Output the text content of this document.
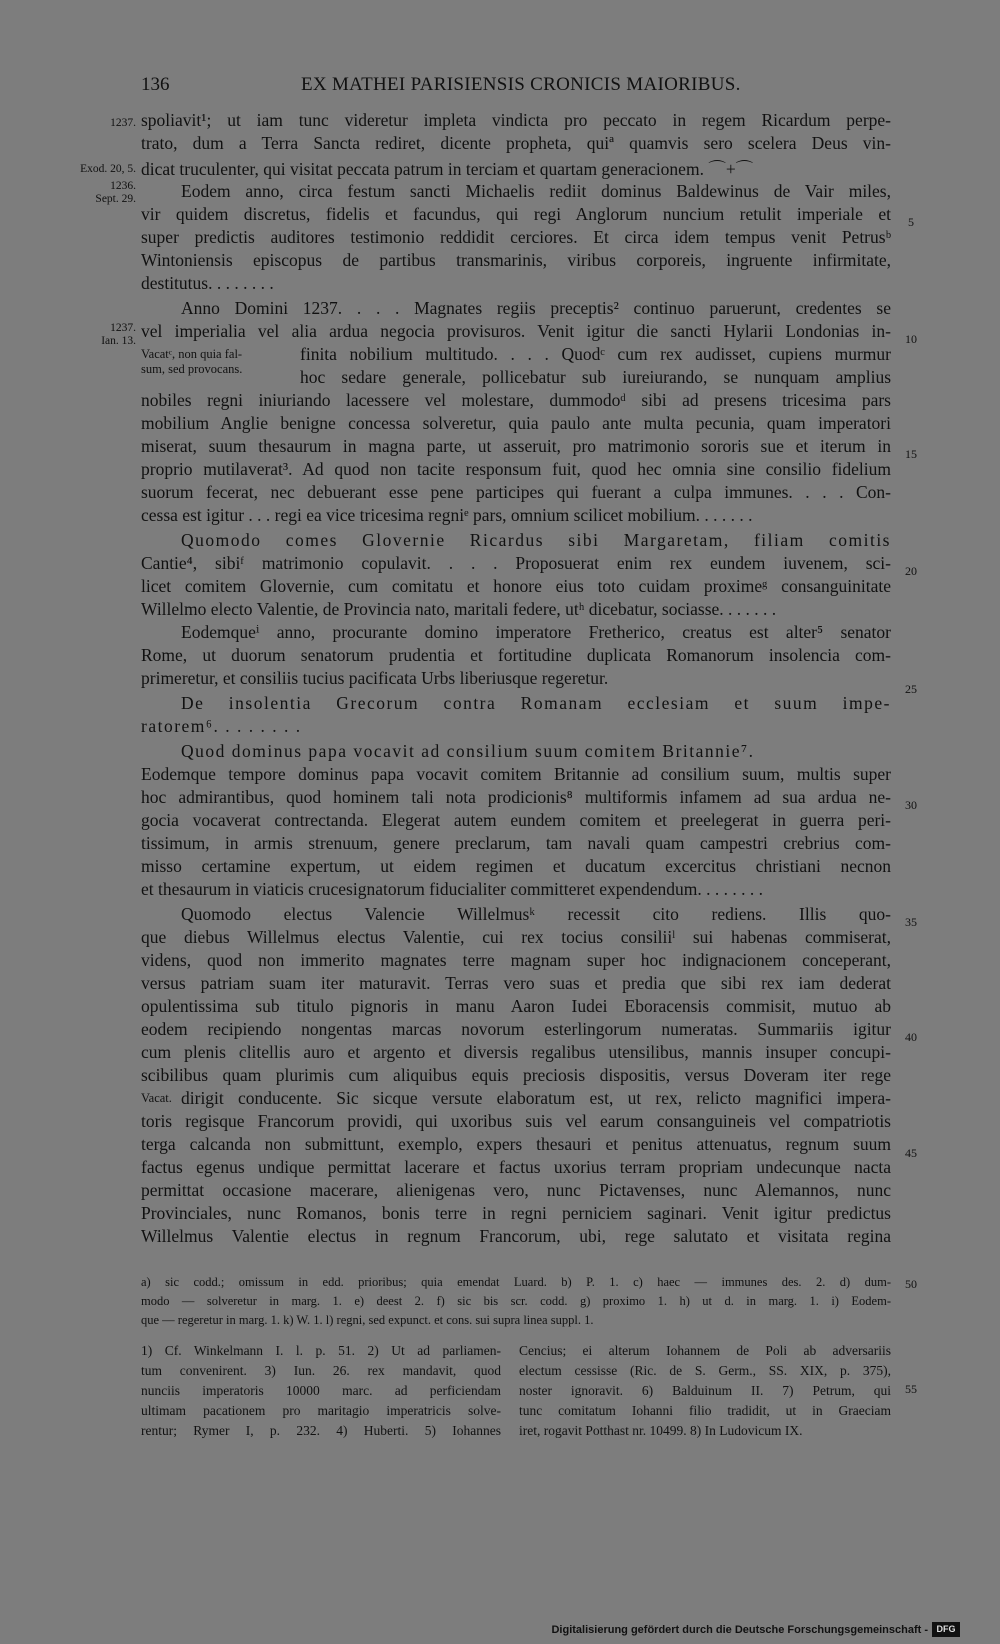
136	EX MATHEI PARISIENSIS CRONICIS MAIORIBUS.
spoliavit¹; ut iam tunc videretur impleta vindicta pro peccato in regem Ricardum perpe-
trato, dum a Terra Sancta rediret, dicente propheta, quiª quamvis sero scelera Deus vin-
dicat truculenter, qui visitat peccata patrum in terciam et quartam generacionem. ⌒+⌒
Eodem anno, circa festum sancti Michaelis rediit dominus Baldewinus de Vair miles,
vir quidem discretus, fidelis et facundus, qui regi Anglorum nuncium retulit imperiale et
super predictis auditores testimonio reddidit cerciores. Et circa idem tempus venit Petrusᵇ
Wintoniensis episcopus de partibus transmarinis, viribus corporeis, ingruente infirmitate,
destitutus. . . . . . . .
Anno Domini 1237. . . . Magnates regiis preceptis² continuo paruerunt, credentes se
vel imperialia vel alia ardua negocia provisuros. Venit igitur die sancti Hylarii Londonias in-
finita nobilium multitudo. . . . Quodᶜ cum rex audisset, cupiens murmur
hoc sedare generale, pollicebatur sub iureiurando, se nunquam amplius
nobiles regni iniuriando lacessere vel molestare, dummodoᵈ sibi ad presens tricesima pars
mobilium Anglie benigne concessa solveretur, quia paulo ante multa pecunia, quam imperatori
miserat, suum thesaurum in magna parte, ut asseruit, pro matrimonio sororis sue et iterum in
proprio mutilaverat³. Ad quod non tacite responsum fuit, quod hec omnia sine consilio fidelium
suorum fecerat, nec debuerant esse pene participes qui fuerant a culpa immunes. . . . Con-
cessa est igitur . . . regi ea vice tricesima regniᵉ pars, omnium scilicet mobilium. . . . . . .
Quomodo comes Glovernie Ricardus sibi Margaretam, filiam comitis
Cantie⁴, sibiᶠ matrimonio copulavit. . . . Proposuerat enim rex eundem iuvenem, sci-
licet comitem Glovernie, cum comitatu et honore eius toto cuidam proximeᵍ consanguinitate
Willelmo electo Valentie, de Provincia nato, maritali federe, utʰ dicebatur, sociasse. . . . . . .
Eodemqueⁱ anno, procurante domino imperatore Fretherico, creatus est alter⁵ senator
Rome, ut duorum senatorum prudentia et fortitudine duplicata Romanorum insolencia com-
primeretur, et consiliis tucius pacificata Urbs liberiusque regeretur.
De insolentia Grecorum contra Romanam ecclesiam et suum impe-
ratorem⁶. . . . . . . .
Quod dominus papa vocavit ad consilium suum comitem Britannie⁷.
Eodemque tempore dominus papa vocavit comitem Britannie ad consilium suum, multis super
hoc admirantibus, quod hominem tali nota prodicionis⁸ multiformis infamem ad sua ardua ne-
gocia vocaverat contrectanda. Elegerat autem eundem comitem et preelegerat in guerra peri-
tissimum, in armis strenuum, genere preclarum, tam navali quam campestri crebrius com-
misso certamine expertum, ut eidem regimen et ducatum excercitus christiani necnon
et thesaurum in viaticis crucesignatorum fiducialiter committeret expendendum. . . . . . . .
Quomodo electus Valencie Willelmusᵏ recessit cito rediens. Illis quo-
que diebus Willelmus electus Valentie, cui rex tocius consiliiˡ sui habenas commiserat,
videns, quod non immerito magnates terre magnam super hoc indignacionem conceperant,
versus patriam suam iter maturavit. Terras vero suas et predia que sibi rex iam dederat
opulentissima sub titulo pignoris in manu Aaron Iudei Eboracensis commisit, mutuo ab
eodem recipiendo nongentas marcas novorum esterlingorum numeratas. Summariis igitur
cum plenis clitellis auro et argento et diversis regalibus utensilibus, mannis insuper concupi-
scibilibus quam plurimis cum aliquibus equis preciosis dispositis, versus Doveram iter rege
dirigit conducente. Sic sicque versute elaboratum est, ut rex, relicto magnifici impera-
toris regisque Francorum providi, qui uxoribus suis vel earum consanguineis vel compatriotis
terga calcanda non submittunt, exemplo, expers thesauri et penitus attenuatus, regnum suum
factus egenus undique permittat lacerare et factus uxorius terram propriam undecunque nacta
permittat occasione macerare, alienigenas vero, nunc Pictavenses, nunc Alemannos, nunc
Provinciales, nunc Romanos, bonis terre in regni perniciem saginari. Venit igitur predictus
Willelmus Valentie electus in regnum Francorum, ubi, rege salutato et visitata regina
1237.
Exod. 20, 5.
1236.
Sept. 29.
1237.
Ian. 13.
Vacatᶜ, non quia fal-
sum, sed provocans.
Vacat.
5
10
15
20
25
30
35
40
45
50
55
a) sic codd.; omissum in edd. prioribus; quia emendat Luard. b) P. 1. c) haec — immunes des. 2. d) dum-
modo — solveretur in marg. 1. e) deest 2. f) sic bis scr. codd. g) proximo 1. h) ut d. in marg. 1. i) Eodem-
que — regeretur in marg. 1. k) W. 1. l) regni, sed expunct. et cons. sui supra linea suppl. 1.
1) Cf. Winkelmann I. l. p. 51. 2) Ut ad parliamen-
tum convenirent. 3) Iun. 26. rex mandavit, quod
nunciis imperatoris 10000 marc. ad perficiendam
ultimam pacationem pro maritagio imperatricis solve-
rentur; Rymer I, p. 232. 4) Huberti. 5) Iohannes
Cencius; ei alterum Iohannem de Poli ab adversariis
electum cessisse (Ric. de S. Germ., SS. XIX, p. 375),
noster ignoravit. 6) Balduinum II. 7) Petrum, qui
tunc comitatum Iohanni filio tradidit, ut in Graeciam
iret, rogavit Potthast nr. 10499. 8) In Ludovicum IX.
Digitalisierung gefördert durch die Deutsche Forschungsgemeinschaft - DFG
